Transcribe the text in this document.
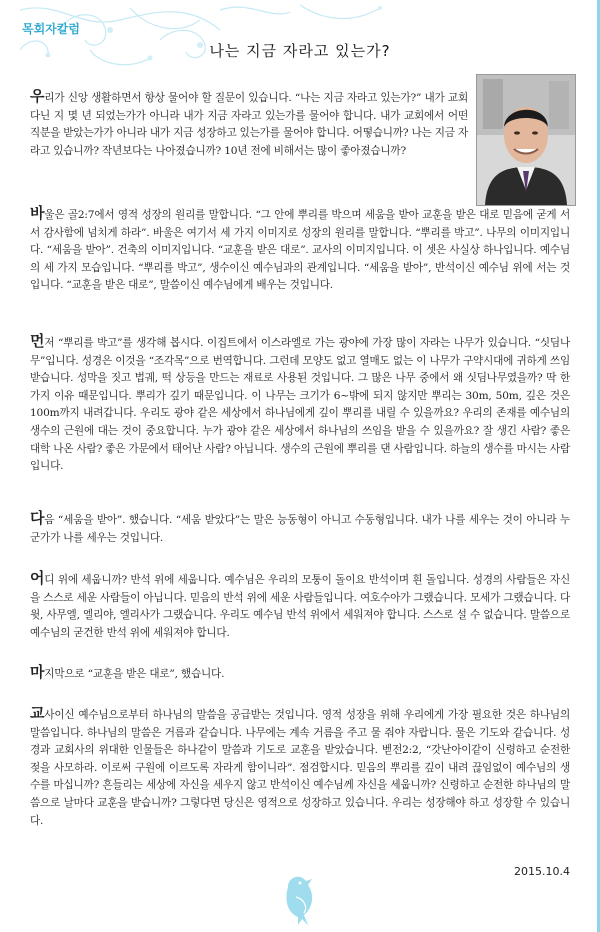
목회자칼럼
나는 지금 자라고 있는가?
우리가 신앙 생활하면서 항상 물어야 할 질문이 있습니다. “나는 지금 자라고 있는가?” 내가 교회 다닌 지 몇 년 되었는가가 아니라 내가 지금 자라고 있는가를 물어야 합니다. 내가 교회에서 어떤 직분을 받았는가가 아니라 내가 지금 성장하고 있는가를 물어야 합니다. 어떻습니까? 나는 지금 자라고 있습니까? 작년보다는 나아졌습니까? 10년 전에 비해서는 많이 좋아졌습니까?
바울은 골2:7에서 영적 성장의 원리를 말합니다. “그 안에 뿌리를 박으며 세움을 받아 교훈을 받은 대로 믿음에 굳게 서서 감사함에 넘치게 하라”. 바울은 여기서 세 가지 이미지로 성장의 원리를 말합니다. “뿌리를 박고”. 나무의 이미지입니다. “세움을 받아”. 건축의 이미지입니다. “교훈을 받은 대로”. 교사의 이미지입니다. 이 셋은 사실상 하나입니다. 예수님의 세 가지 모습입니다. “뿌리를 박고”, 생수이신 예수님과의 관계입니다. “세움을 받아”, 반석이신 예수님 위에 서는 것입니다. “교훈을 받은 대로”, 말씀이신 예수님에게 배우는 것입니다.
먼저 “뿌리를 박고”를 생각해 봅시다. 이집트에서 이스라엘로 가는 광야에 가장 많이 자라는 나무가 있습니다. “싯딤나무”입니다. 성경은 이것을 “조각목”으로 번역합니다. 그런데 모양도 없고 열매도 없는 이 나무가 구약시대에 귀하게 쓰임 받습니다. 성막을 짓고 법궤, 떡 상등을 만드는 재료로 사용된 것입니다. 그 많은 나무 중에서 왜 싯딤나무였을까? 딱 한 가지 이유 때문입니다. 뿌리가 깊기 때문입니다. 이 나무는 크기가 6~밖에 되지 않지만 뿌리는 30m, 50m, 깊은 것은 100m까지 내려갑니다. 우리도 광야 같은 세상에서 하나님에게 깊이 뿌리를 내릴 수 있을까요? 우리의 존재를 예수님의 생수의 근원에 대는 것이 중요합니다. 누가 광야 같은 세상에서 하나님의 쓰임을 받을 수 있을까요? 잘 생긴 사람? 좋은 대학 나온 사람? 좋은 가문에서 태어난 사람? 아닙니다. 생수의 근원에 뿌리를 댄 사람입니다. 하늘의 생수를 마시는 사람입니다.
다음 “세움을 받아”. 했습니다. “세움 받았다”는 말은 능동형이 아니고 수동형입니다. 내가 나를 세우는 것이 아니라 누군가가 나를 세우는 것입니다.
어디 위에 세웁니까? 반석 위에 세웁니다. 예수님은 우리의 모퉁이 돌이요 반석이며 흰 돌입니다. 성경의 사람들은 자신을 스스로 세운 사람들이 아닙니다. 믿음의 반석 위에 세운 사람들입니다. 여호수아가 그랬습니다. 모세가 그랬습니다. 다윗, 사무엘, 엘리야, 엘리사가 그랬습니다. 우리도 예수님 반석 위에서 세워져야 합니다. 스스로 설 수 없습니다. 말씀으로 예수님의 굳건한 반석 위에 세워져야 합니다.
마지막으로 “교훈을 받은 대로”, 했습니다.
교사이신 예수님으로부터 하나님의 말씀을 공급받는 것입니다. 영적 성장을 위해 우리에게 가장 필요한 것은 하나님의 말씀입니다. 하나님의 말씀은 거름과 같습니다. 나무에는 계속 거름을 주고 물 줘야 자랍니다. 물은 기도와 같습니다. 성경과 교회사의 위대한 인물들은 하나같이 말씀과 기도로 교훈을 받았습니다. 벧전2:2, “갓난아이같이 신령하고 순전한 젖을 사모하라. 이로써 구원에 이르도록 자라게 함이니라”. 점검합시다. 믿음의 뿌리를 깊이 내려 끊임없이 예수님의 생수를 마십니까? 흔들리는 세상에 자신을 세우지 않고 반석이신 예수님께 자신을 세웁니까? 신령하고 순전한 하나님의 말씀으로 날마다 교훈을 받습니까? 그렇다면 당신은 영적으로 성장하고 있습니다. 우리는 성장해야 하고 성장할 수 있습니다.
2015.10.4
